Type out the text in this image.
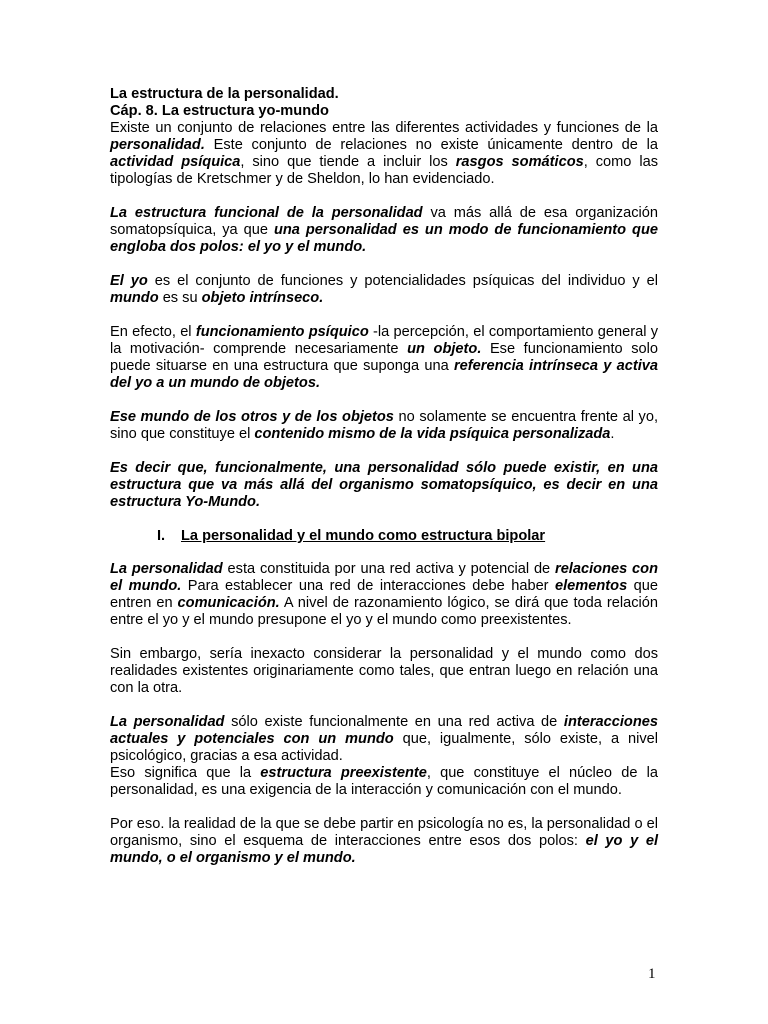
La estructura de la personalidad.

Cáp. 8. La estructura yo-mundo

Existe un conjunto de relaciones entre las diferentes actividades y funciones de la personalidad. Este conjunto de relaciones no existe únicamente dentro de la actividad psíquica, sino que tiende a incluir los rasgos somáticos, como las tipologías de Kretschmer y de Sheldon, lo han evidenciado.

La estructura funcional de la personalidad va más allá de esa organización somatopsíquica, ya que una personalidad es un modo de funcionamiento que engloba dos polos: el yo y el mundo.

El yo es el conjunto de funciones y potencialidades psíquicas del individuo y el mundo es su objeto intrínseco.

En efecto, el funcionamiento psíquico -la percepción, el comportamiento general y la motivación- comprende necesariamente un objeto. Ese funcionamiento solo puede situarse en una estructura que suponga una referencia intrínseca y activa del yo a un mundo de objetos.

Ese mundo de los otros y de los objetos no solamente se encuentra frente al yo, sino que constituye el contenido mismo de la vida psíquica personalizada.

Es decir que, funcionalmente, una personalidad sólo puede existir, en una estructura que va más allá del organismo somatopsíquico, es decir en una estructura Yo-Mundo.

I. La personalidad y el mundo como estructura bipolar

La personalidad esta constituida por una red activa y potencial de relaciones con el mundo. Para establecer una red de interacciones debe haber elementos que entren en comunicación. A nivel de razonamiento lógico, se dirá que toda relación entre el yo y el mundo presupone el yo y el mundo como preexistentes.

Sin embargo, sería inexacto considerar la personalidad y el mundo como dos realidades existentes originariamente como tales, que entran luego en relación una con la otra.

La personalidad sólo existe funcionalmente en una red activa de interacciones actuales y potenciales con un mundo que, igualmente, sólo existe, a nivel psicológico, gracias a esa actividad.

Eso significa que la estructura preexistente, que constituye el núcleo de la personalidad, es una exigencia de la interacción y comunicación con el mundo.

Por eso. la realidad de la que se debe partir en psicología no es, la personalidad o el organismo, sino el esquema de interacciones entre esos dos polos: el yo y el mundo, o el organismo y el mundo.

1
